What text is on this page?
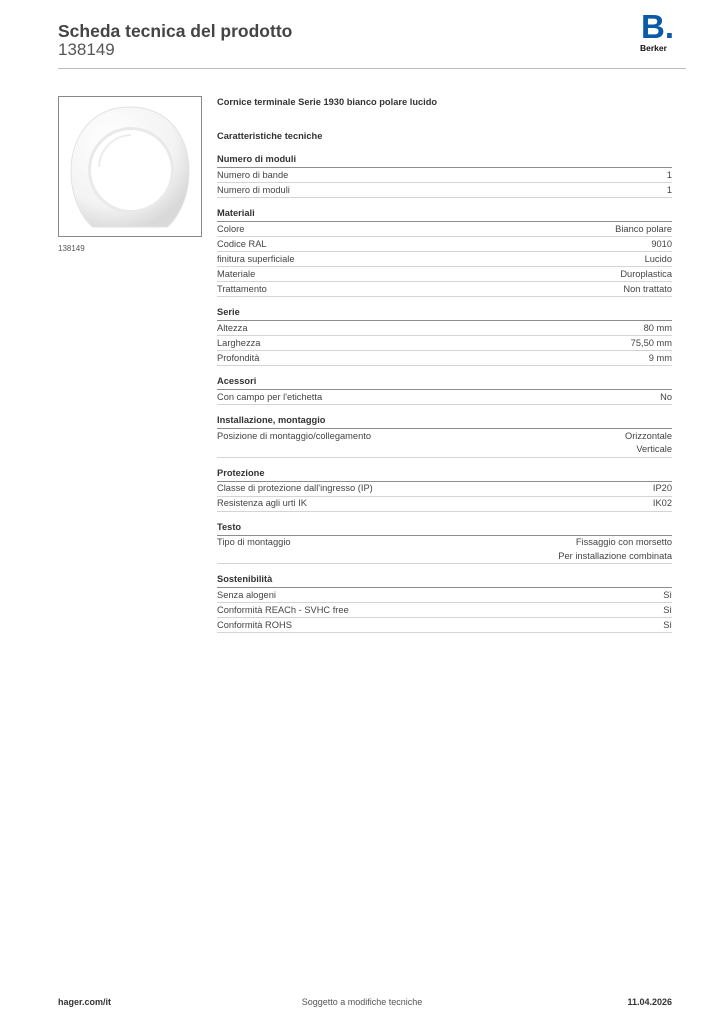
Scheda tecnica del prodotto
138149
B.
Berker
138149
Cornice terminale Serie 1930 bianco polare lucido
Caratteristiche tecniche
Numero di moduli
Numero di bande	1
Numero di moduli	1
Materiali
Colore	Bianco polare
Codice RAL	9010
finitura superficiale	Lucido
Materiale	Duroplastica
Trattamento	Non trattato
Serie
Altezza	80 mm
Larghezza	75,50 mm
Profondità	9 mm
Acessori
Con campo per l'etichetta	No
Installazione, montaggio
Posizione di montaggio/collegamento	Orizzontale
Verticale
Protezione
Classe di protezione dall'ingresso (IP)	IP20
Resistenza agli urti IK	IK02
Testo
Tipo di montaggio	Fissaggio con morsetto
Per installazione combinata
Sostenibilità
Senza alogeni	Sì
Conformità REACh - SVHC free	Sì
Conformità ROHS	Sì
hager.com/it	Soggetto a modifiche tecniche	11.04.2026
